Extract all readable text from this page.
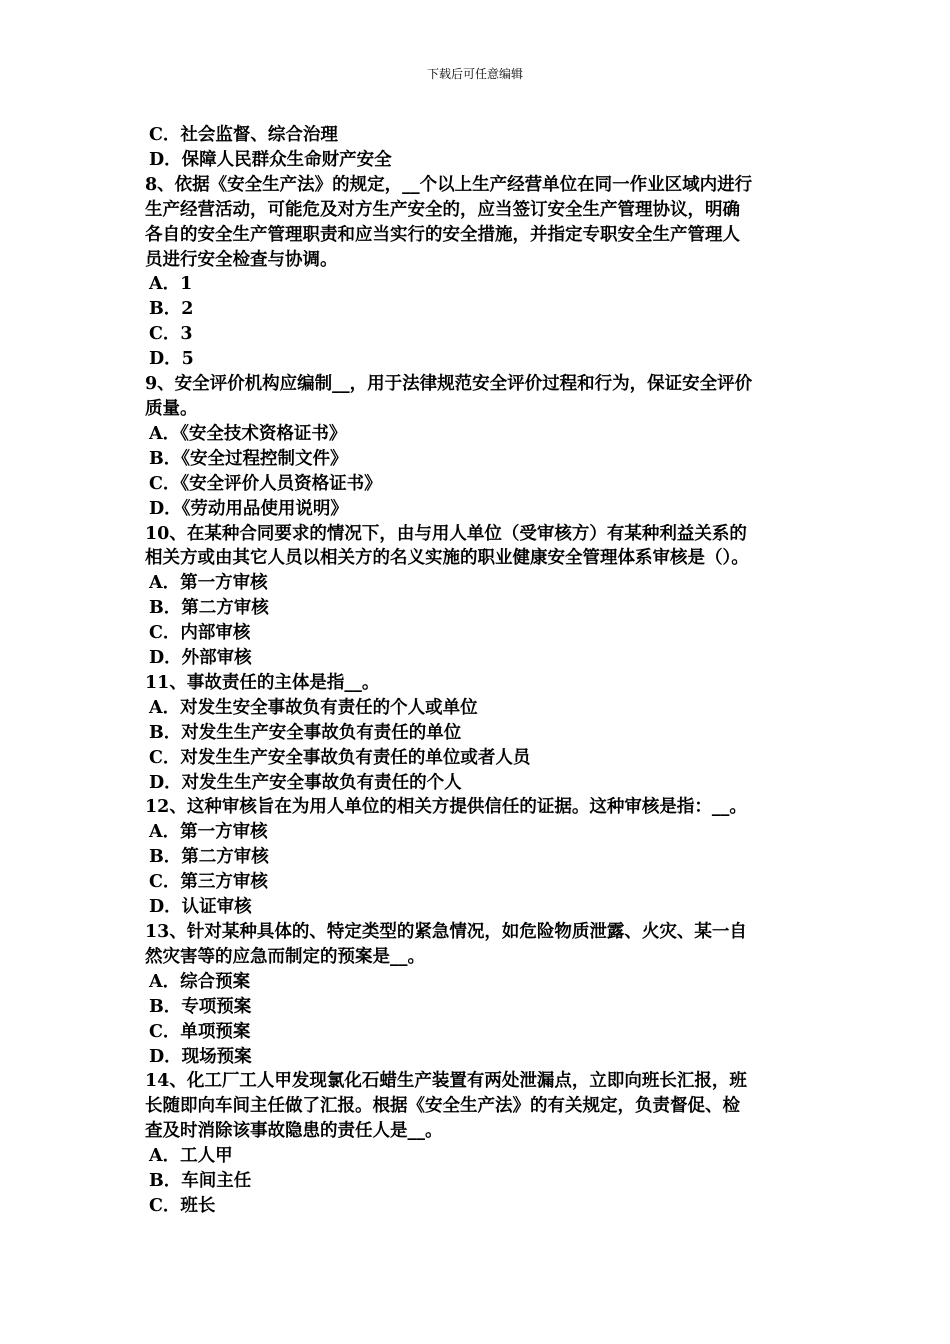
下载后可任意编辑
C．社会监督、综合治理
D．保障人民群众生命财产安全
8、依据《安全生产法》的规定，__个以上生产经营单位在同一作业区域内进行
生产经营活动，可能危及对方生产安全的，应当签订安全生产管理协议，明确
各自的安全生产管理职责和应当实行的安全措施，并指定专职安全生产管理人
员进行安全检查与协调。
A．1
B．2
C．3
D．5
9、安全评价机构应编制__，用于法律规范安全评价过程和行为，保证安全评价
质量。
A．《安全技术资格证书》
B．《安全过程控制文件》
C．《安全评价人员资格证书》
D．《劳动用品使用说明》
10、在某种合同要求的情况下，由与用人单位（受审核方）有某种利益关系的
相关方或由其它人员以相关方的名义实施的职业健康安全管理体系审核是（）。
A．第一方审核
B．第二方审核
C．内部审核
D．外部审核
11、事故责任的主体是指__。
A．对发生安全事故负有责任的个人或单位
B．对发生生产安全事故负有责任的单位
C．对发生生产安全事故负有责任的单位或者人员
D．对发生生产安全事故负有责任的个人
12、这种审核旨在为用人单位的相关方提供信任的证据。这种审核是指：__。
A．第一方审核
B．第二方审核
C．第三方审核
D．认证审核
13、针对某种具体的、特定类型的紧急情况，如危险物质泄露、火灾、某一自
然灾害等的应急而制定的预案是__。
A．综合预案
B．专项预案
C．单项预案
D．现场预案
14、化工厂工人甲发现氯化石蜡生产装置有两处泄漏点，立即向班长汇报，班
长随即向车间主任做了汇报。根据《安全生产法》的有关规定，负责督促、检
查及时消除该事故隐患的责任人是__。
A．工人甲
B．车间主任
C．班长
